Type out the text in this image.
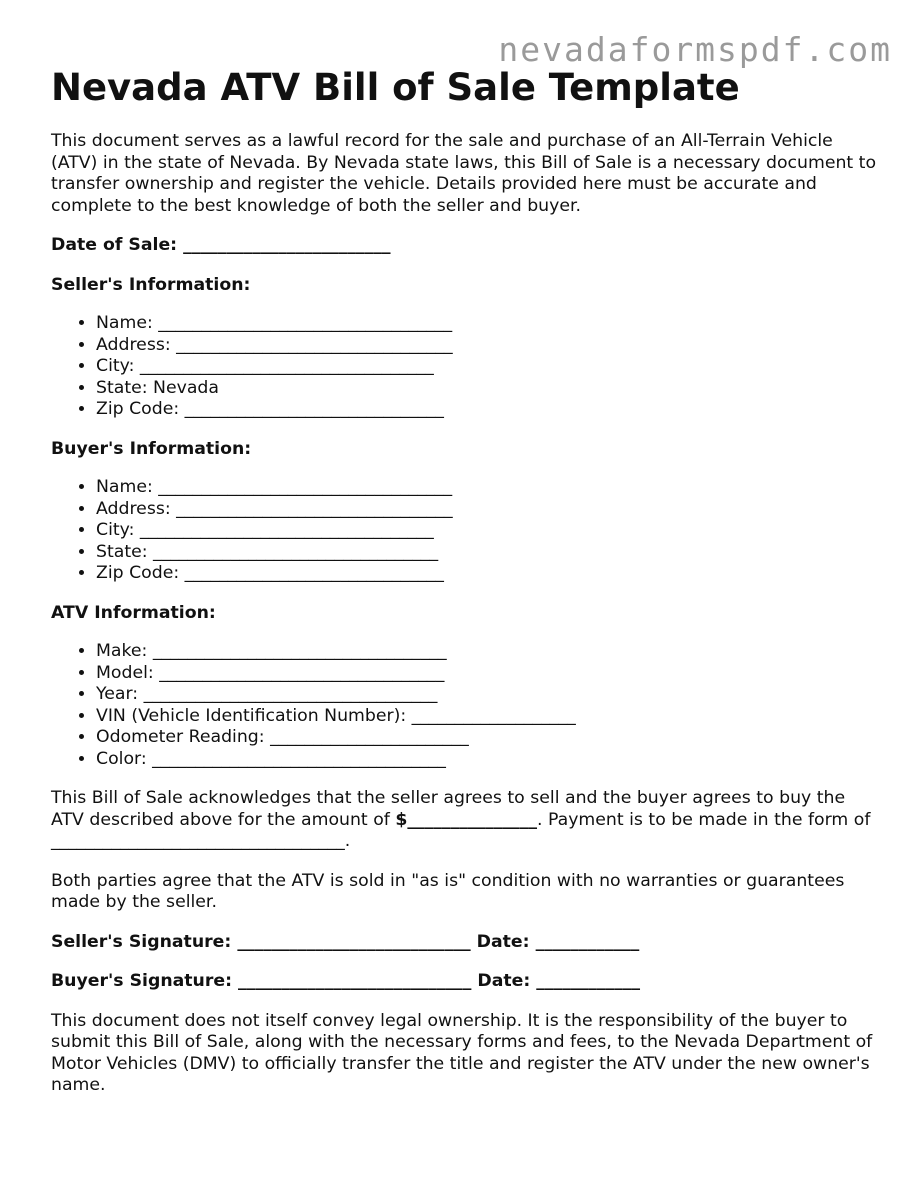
nevadaformspdf.com
Nevada ATV Bill of Sale Template

This document serves as a lawful record for the sale and purchase of an All-Terrain Vehicle (ATV) in the state of Nevada. By Nevada state laws, this Bill of Sale is a necessary document to transfer ownership and register the vehicle. Details provided here must be accurate and complete to the best knowledge of both the seller and buyer.

Date of Sale: ________________________
Seller's Information:
• Name: __________________________________
• Address: ________________________________
• City: __________________________________
• State: Nevada
• Zip Code: ______________________________
Buyer's Information:
• Name: __________________________________
• Address: ________________________________
• City: __________________________________
• State: _________________________________
• Zip Code: ______________________________
ATV Information:
• Make: __________________________________
• Model: _________________________________
• Year: __________________________________
• VIN (Vehicle Identification Number): ___________________
• Odometer Reading: _______________________
• Color: __________________________________

This Bill of Sale acknowledges that the seller agrees to sell and the buyer agrees to buy the ATV described above for the amount of $_______________. Payment is to be made in the form of __________________________________.

Both parties agree that the ATV is sold in "as is" condition with no warranties or guarantees made by the seller.

Seller's Signature: ___________________________ Date: ____________
Buyer's Signature: ___________________________ Date: ____________

This document does not itself convey legal ownership. It is the responsibility of the buyer to submit this Bill of Sale, along with the necessary forms and fees, to the Nevada Department of Motor Vehicles (DMV) to officially transfer the title and register the ATV under the new owner's name.
